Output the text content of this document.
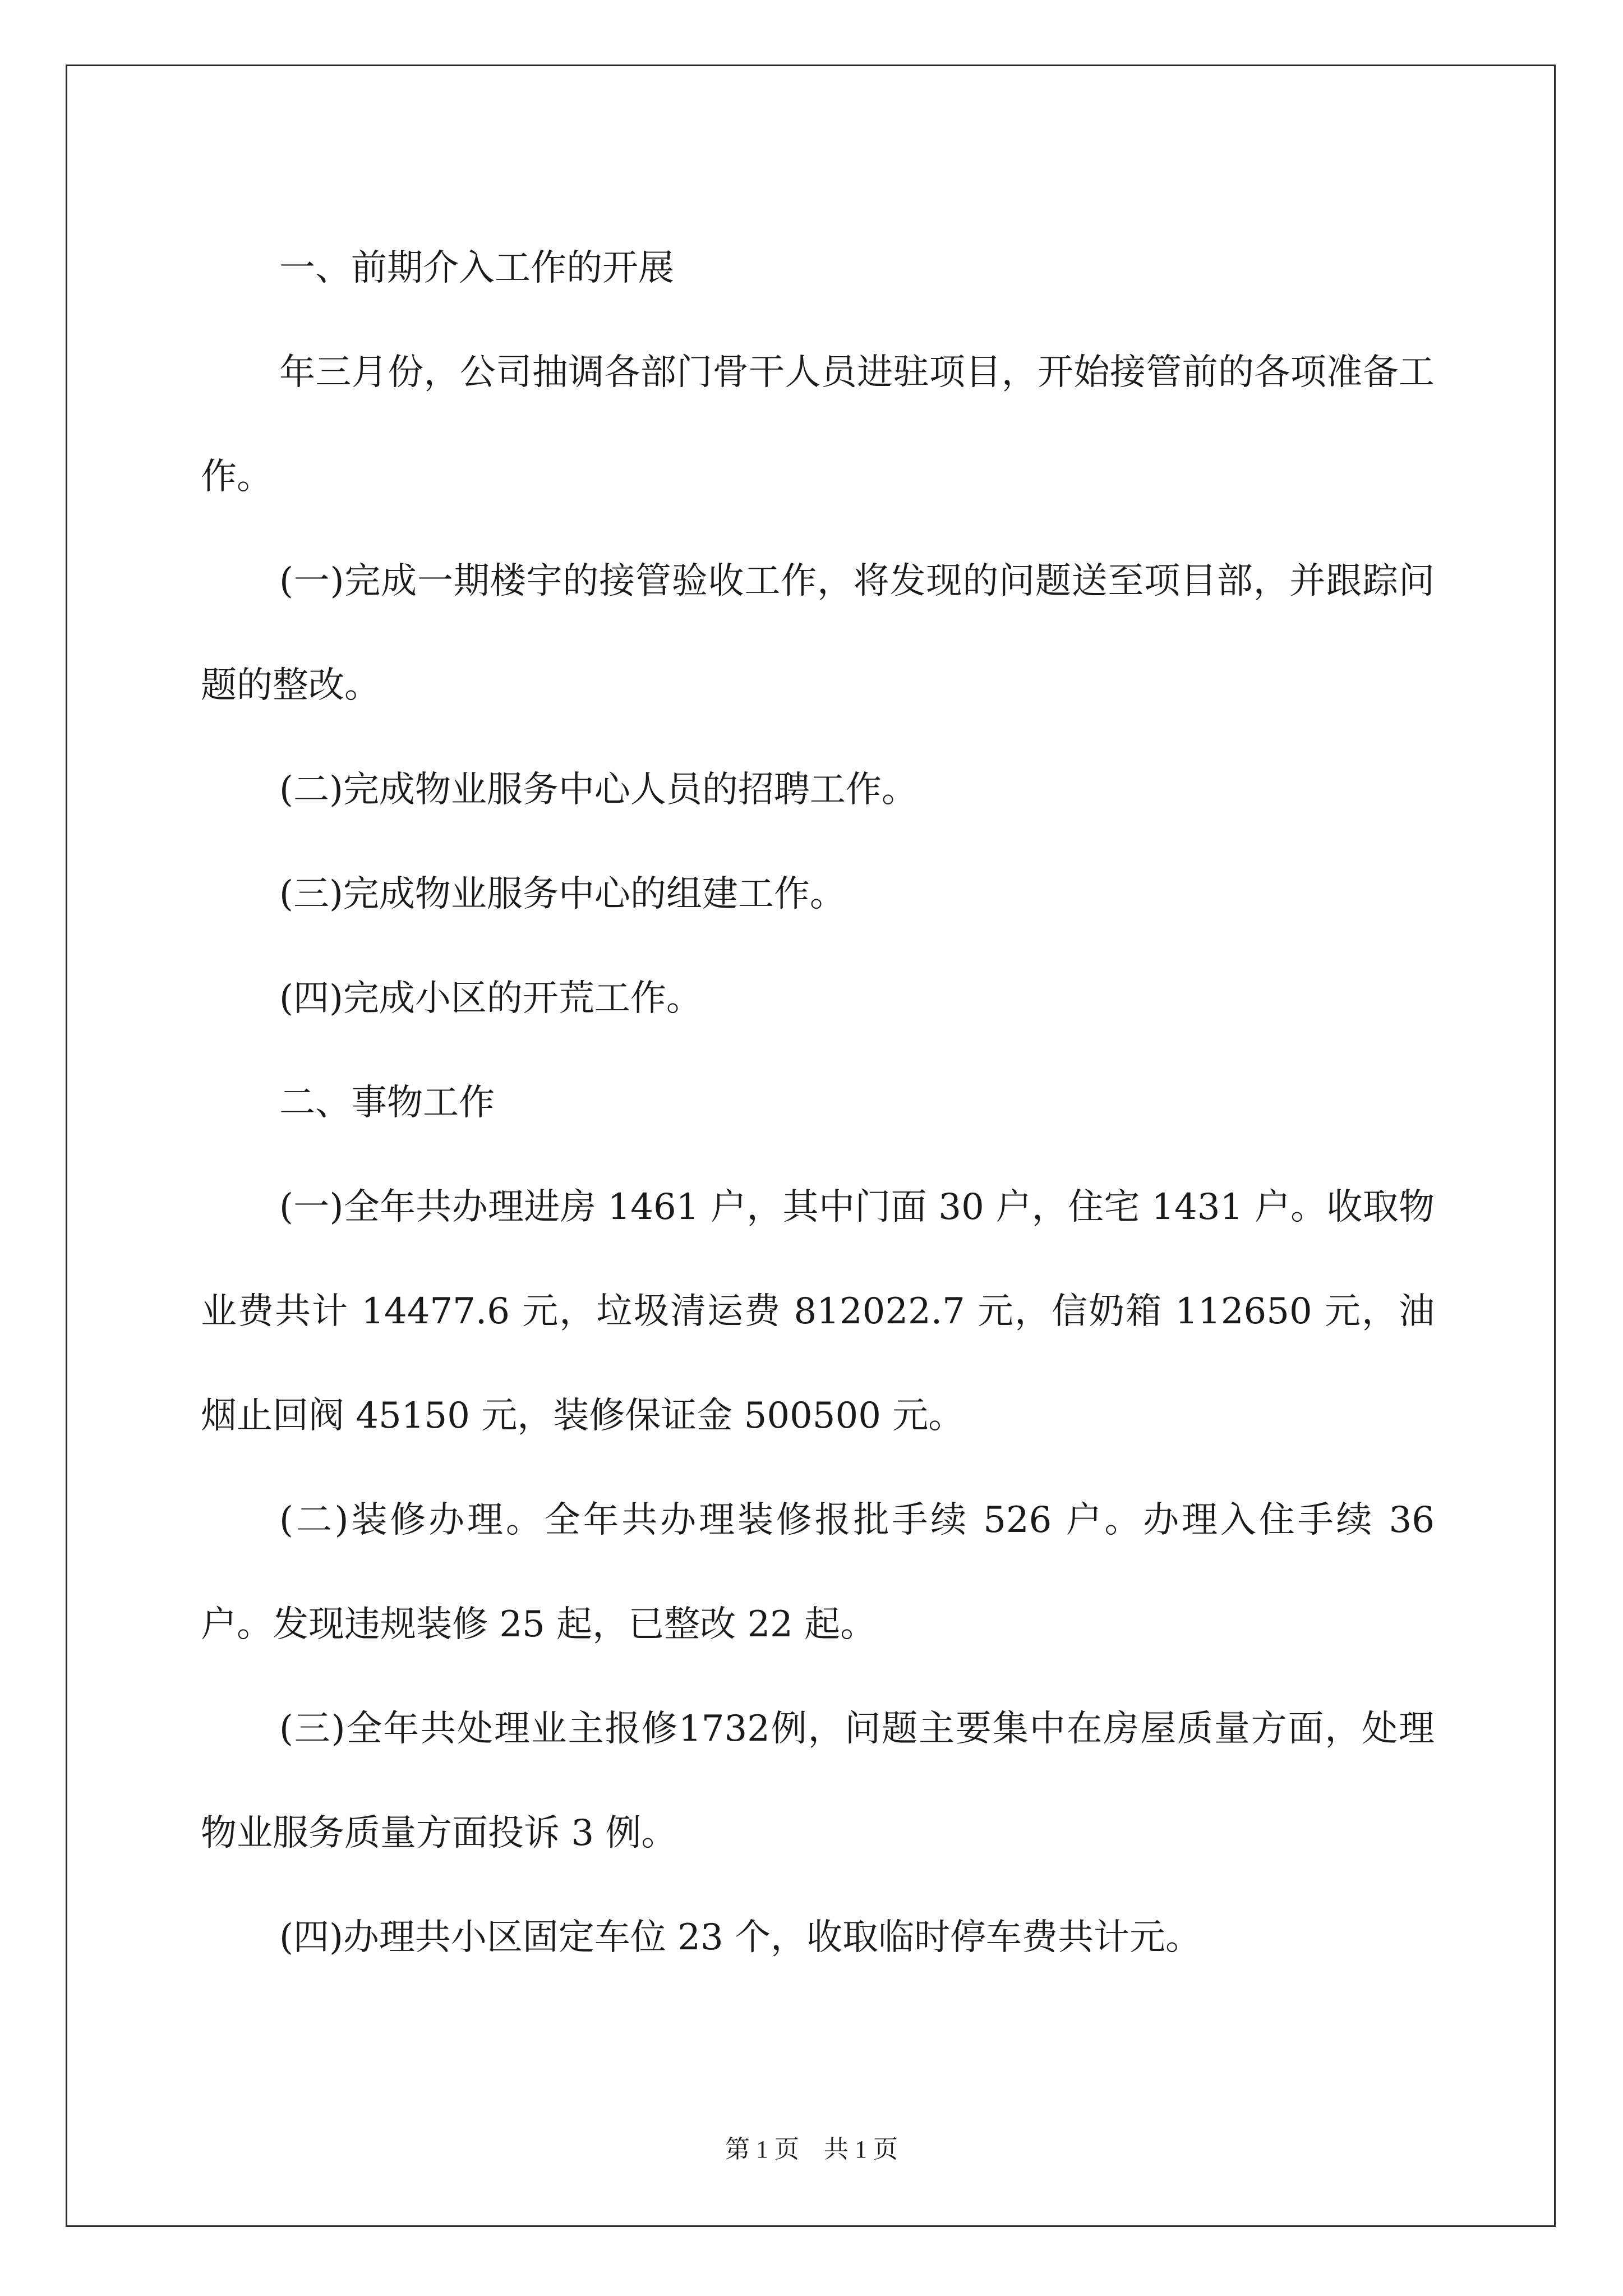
一、前期介入工作的开展

年三月份，公司抽调各部门骨干人员进驻项目，开始接管前的各项准备工作。

(一)完成一期楼宇的接管验收工作，将发现的问题送至项目部，并跟踪问题的整改。

(二)完成物业服务中心人员的招聘工作。

(三)完成物业服务中心的组建工作。

(四)完成小区的开荒工作。

二、事物工作

(一)全年共办理进房 1461 户，其中门面 30 户，住宅 1431 户。收取物业费共计 14477.6 元，垃圾清运费 812022.7 元，信奶箱 112650 元，油烟止回阀 45150 元，装修保证金 500500 元。

(二)装修办理。全年共办理装修报批手续 526 户。办理入住手续 36 户。发现违规装修 25 起，已整改 22 起。

(三)全年共处理业主报修1732例，问题主要集中在房屋质量方面，处理物业服务质量方面投诉 3 例。

(四)办理共小区固定车位 23 个，收取临时停车费共计元。

第 1 页　共 1 页
